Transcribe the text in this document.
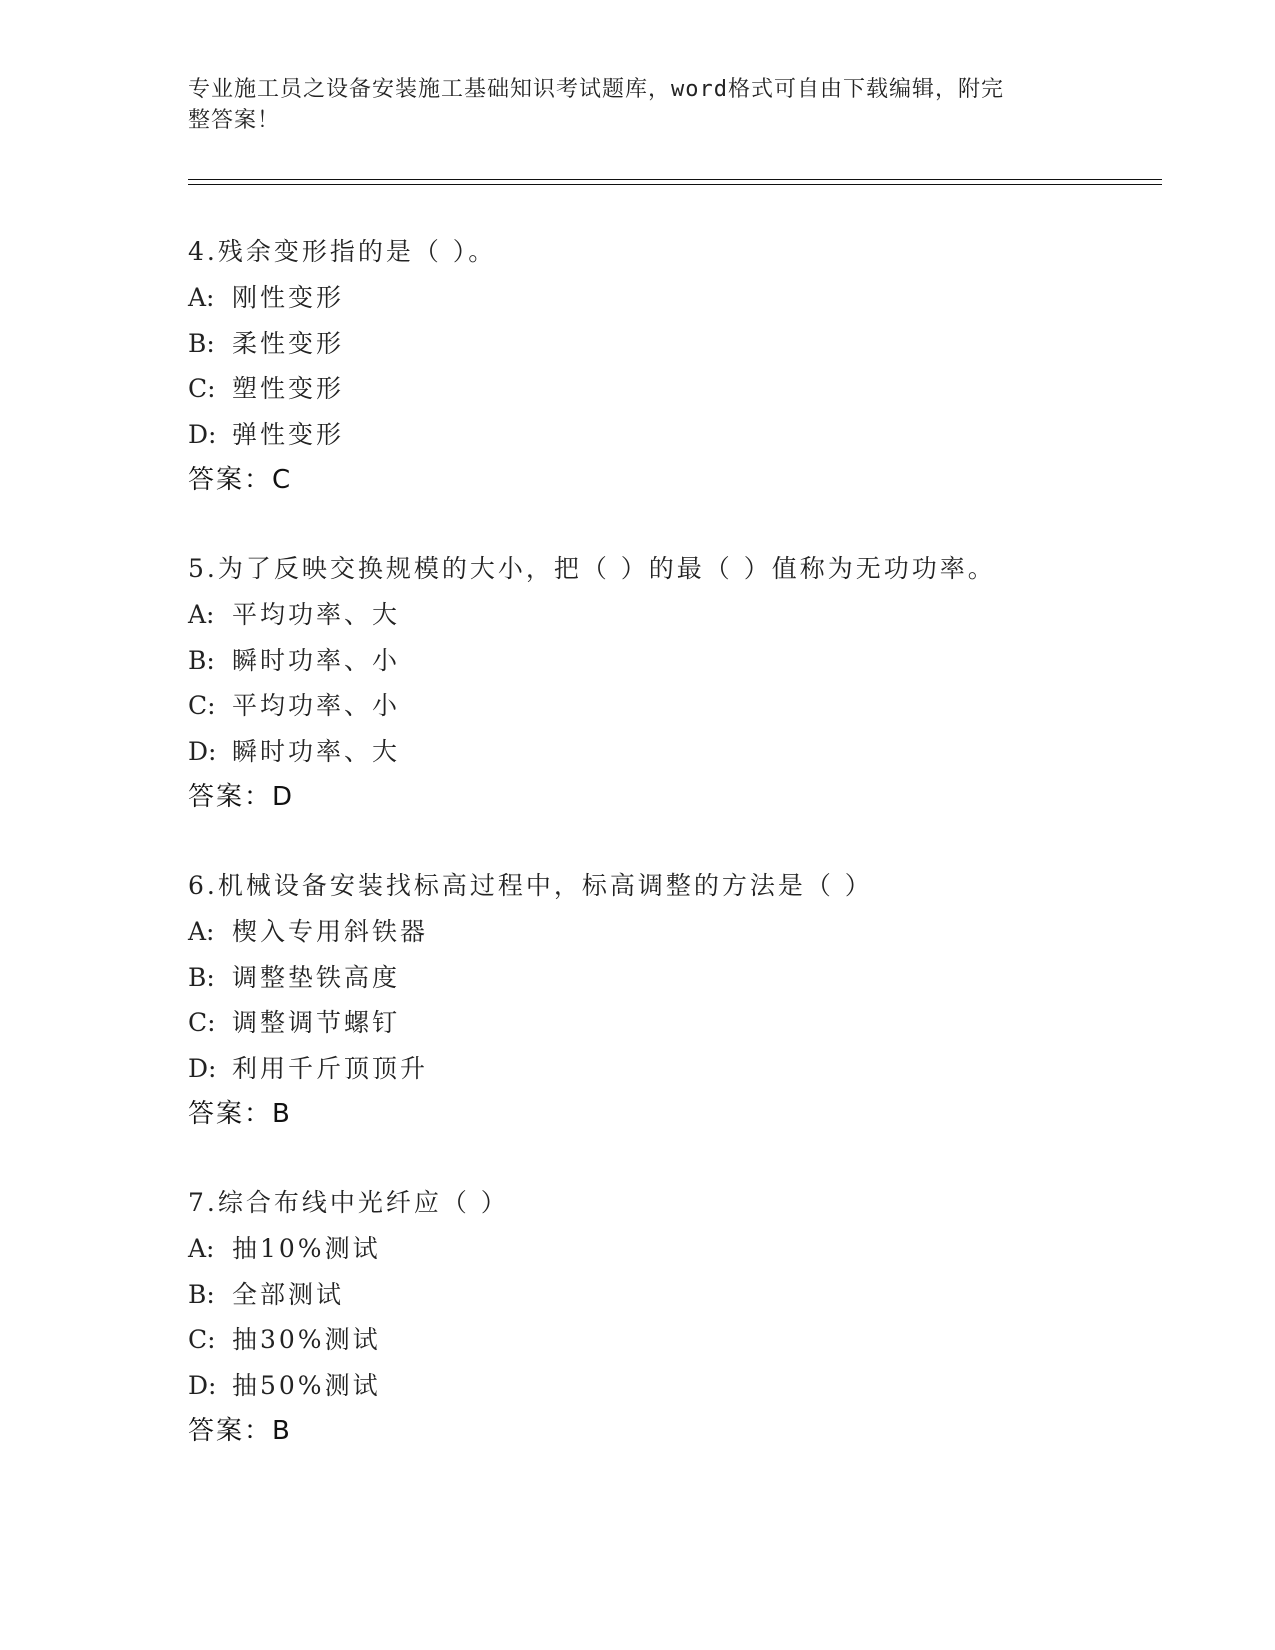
专业施工员之设备安装施工基础知识考试题库，word格式可自由下载编辑，附完
整答案！
4.残余变形指的是（ ）。
A: 刚性变形
B: 柔性变形
C: 塑性变形
D: 弹性变形
答案：C
5.为了反映交换规模的大小，把（ ）的最（ ）值称为无功功率。
A: 平均功率、大
B: 瞬时功率、小
C: 平均功率、小
D: 瞬时功率、大
答案：D
6.机械设备安装找标高过程中，标高调整的方法是（ ）
A: 楔入专用斜铁器
B: 调整垫铁高度
C: 调整调节螺钉
D: 利用千斤顶顶升
答案：B
7.综合布线中光纤应（ ）
A: 抽10%测试
B: 全部测试
C: 抽30%测试
D: 抽50%测试
答案：B
